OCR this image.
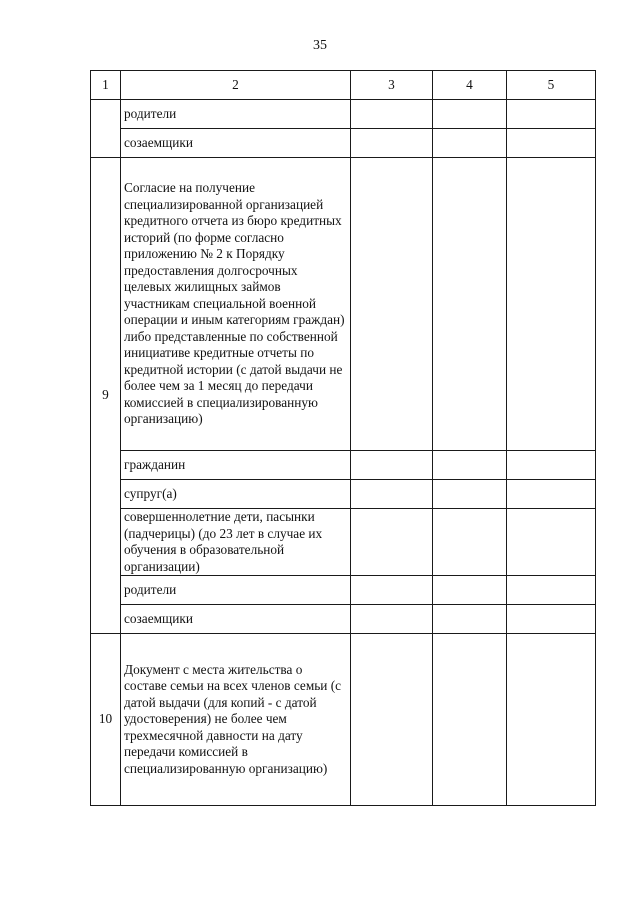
35
1	2	3	4	5
	родители			
	созаемщики			
9	Согласие на получение специализированной организацией кредитного отчета из бюро кредитных историй (по форме согласно приложению № 2 к Порядку предоставления долгосрочных целевых жилищных займов участникам специальной военной операции и иным категориям граждан) либо представленные по собственной инициативе кредитные отчеты по кредитной истории (с датой выдачи не более чем за 1 месяц до передачи комиссией в специализированную организацию)			
	гражданин			
	супруг(а)			
	совершеннолетние дети, пасынки (падчерицы) (до 23 лет в случае их обучения в образовательной организации)			
	родители			
	созаемщики			
10	Документ с места жительства о составе семьи на всех членов семьи (с датой выдачи (для копий - с датой удостоверения) не более чем трехмесячной давности на дату передачи комиссией в специализированную организацию)			
